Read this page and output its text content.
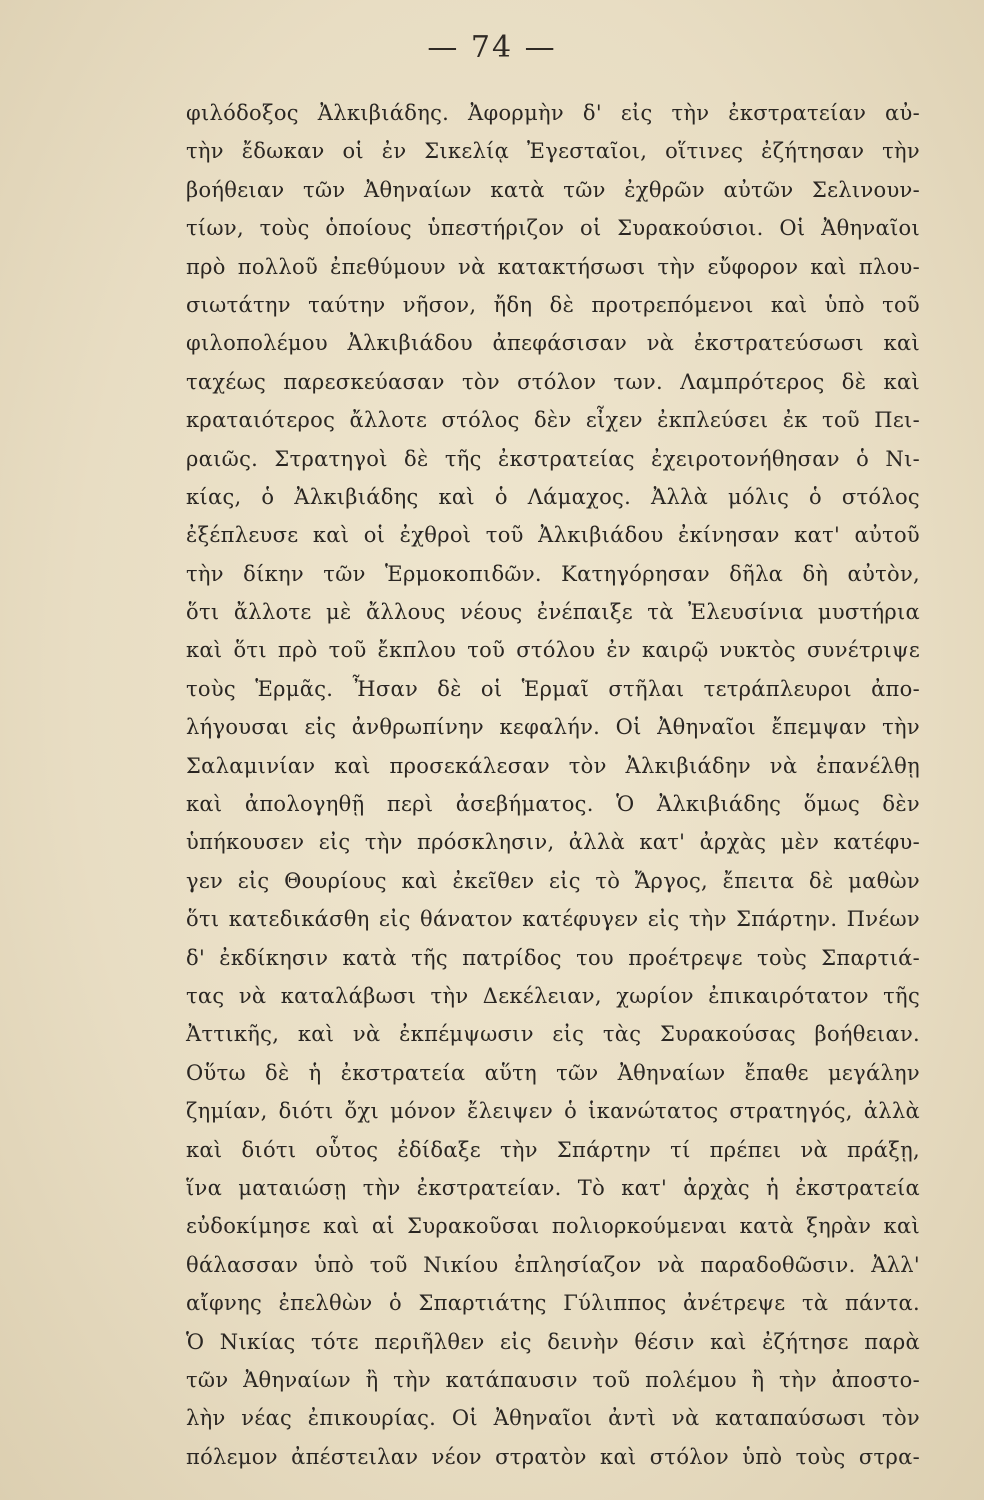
— 74 —
φιλόδοξος Ἀλκιβιάδης. Ἀφορμὴν δ' εἰς τὴν ἐκστρατείαν αὐ-
τὴν ἔδωκαν οἱ ἐν Σικελίᾳ Ἐγεσταῖοι, οἵτινες ἐζήτησαν τὴν
βοήθειαν τῶν Ἀθηναίων κατὰ τῶν ἐχθρῶν αὐτῶν Σελινουν-
τίων, τοὺς ὁποίους ὑπεστήριζον οἱ Συρακούσιοι. Οἱ Ἀθηναῖοι
πρὸ πολλοῦ ἐπεθύμουν νὰ κατακτήσωσι τὴν εὔφορον καὶ πλου-
σιωτάτην ταύτην νῆσον, ἤδη δὲ προτρεπόμενοι καὶ ὑπὸ τοῦ
φιλοπολέμου Ἀλκιβιάδου ἀπεφάσισαν νὰ ἐκστρατεύσωσι καὶ
ταχέως παρεσκεύασαν τὸν στόλον των. Λαμπρότερος δὲ καὶ
κραταιότερος ἄλλοτε στόλος δὲν εἶχεν ἐκπλεύσει ἐκ τοῦ Πει-
ραιῶς. Στρατηγοὶ δὲ τῆς ἐκστρατείας ἐχειροτονήθησαν ὁ Νι-
κίας, ὁ Ἀλκιβιάδης καὶ ὁ Λάμαχος. Ἀλλὰ μόλις ὁ στόλος
ἐξέπλευσε καὶ οἱ ἐχθροὶ τοῦ Ἀλκιβιάδου ἐκίνησαν κατ' αὐτοῦ
τὴν δίκην τῶν Ἑρμοκοπιδῶν. Κατηγόρησαν δῆλα δὴ αὐτὸν,
ὅτι ἄλλοτε μὲ ἄλλους νέους ἐνέπαιξε τὰ Ἐλευσίνια μυστήρια
καὶ ὅτι πρὸ τοῦ ἔκπλου τοῦ στόλου ἐν καιρῷ νυκτὸς συνέτριψε
τοὺς Ἑρμᾶς. Ἦσαν δὲ οἱ Ἑρμαῖ στῆλαι τετράπλευροι ἀπο-
λήγουσαι εἰς ἀνθρωπίνην κεφαλήν. Οἱ Ἀθηναῖοι ἔπεμψαν τὴν
Σαλαμινίαν καὶ προσεκάλεσαν τὸν Ἀλκιβιάδην νὰ ἐπανέλθῃ
καὶ ἀπολογηθῇ περὶ ἀσεβήματος. Ὁ Ἀλκιβιάδης ὅμως δὲν
ὑπήκουσεν εἰς τὴν πρόσκλησιν, ἀλλὰ κατ' ἀρχὰς μὲν κατέφυ-
γεν εἰς Θουρίους καὶ ἐκεῖθεν εἰς τὸ Ἄργος, ἔπειτα δὲ μαθὼν
ὅτι κατεδικάσθη εἰς θάνατον κατέφυγεν εἰς τὴν Σπάρτην. Πνέων
δ' ἐκδίκησιν κατὰ τῆς πατρίδος του προέτρεψε τοὺς Σπαρτιά-
τας νὰ καταλάβωσι τὴν Δεκέλειαν, χωρίον ἐπικαιρότατον τῆς
Ἀττικῆς, καὶ νὰ ἐκπέμψωσιν εἰς τὰς Συρακούσας βοήθειαν.
Οὕτω δὲ ἡ ἐκστρατεία αὕτη τῶν Ἀθηναίων ἔπαθε μεγάλην
ζημίαν, διότι ὄχι μόνον ἔλειψεν ὁ ἱκανώτατος στρατηγός, ἀλλὰ
καὶ διότι οὗτος ἐδίδαξε τὴν Σπάρτην τί πρέπει νὰ πράξῃ,
ἵνα ματαιώσῃ τὴν ἐκστρατείαν. Τὸ κατ' ἀρχὰς ἡ ἐκστρατεία
εὐδοκίμησε καὶ αἱ Συρακοῦσαι πολιορκούμεναι κατὰ ξηρὰν καὶ
θάλασσαν ὑπὸ τοῦ Νικίου ἐπλησίαζον νὰ παραδοθῶσιν. Ἀλλ'
αἴφνης ἐπελθὼν ὁ Σπαρτιάτης Γύλιππος ἀνέτρεψε τὰ πάντα.
Ὁ Νικίας τότε περιῆλθεν εἰς δεινὴν θέσιν καὶ ἐζήτησε παρὰ
τῶν Ἀθηναίων ἢ τὴν κατάπαυσιν τοῦ πολέμου ἢ τὴν ἀποστο-
λὴν νέας ἐπικουρίας. Οἱ Ἀθηναῖοι ἀντὶ νὰ καταπαύσωσι τὸν
πόλεμον ἀπέστειλαν νέον στρατὸν καὶ στόλον ὑπὸ τοὺς στρα-
